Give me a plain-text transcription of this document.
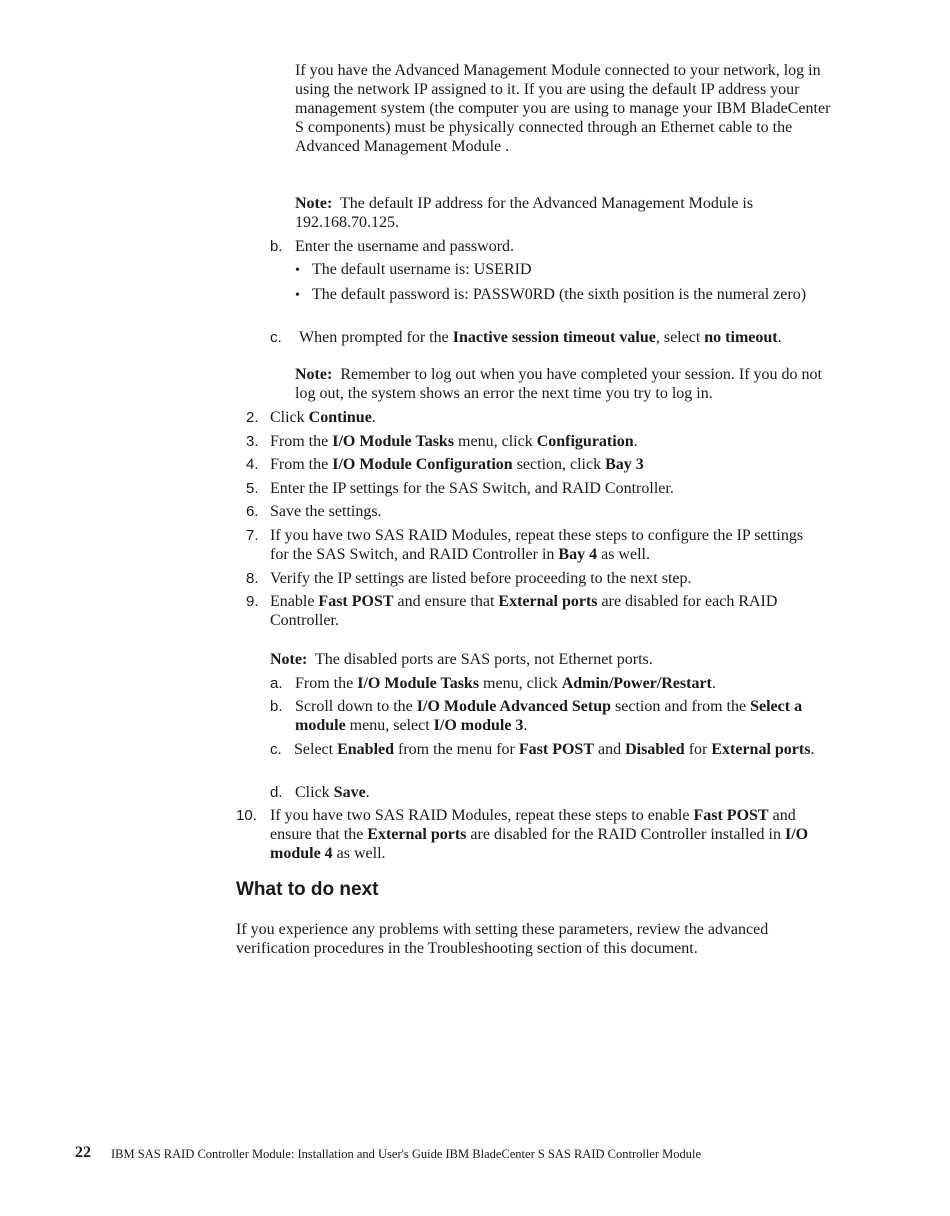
If you have the Advanced Management Module connected to your network, log in using the network IP assigned to it. If you are using the default IP address your management system (the computer you are using to manage your IBM BladeCenter S components) must be physically connected through an Ethernet cable to the Advanced Management Module .
Note: The default IP address for the Advanced Management Module is 192.168.70.125.
b. Enter the username and password.
• The default username is: USERID
• The default password is: PASSW0RD (the sixth position is the numeral zero)
c. When prompted for the Inactive session timeout value, select no timeout.
Note: Remember to log out when you have completed your session. If you do not log out, the system shows an error the next time you try to log in.
2. Click Continue.
3. From the I/O Module Tasks menu, click Configuration.
4. From the I/O Module Configuration section, click Bay 3
5. Enter the IP settings for the SAS Switch, and RAID Controller.
6. Save the settings.
7. If you have two SAS RAID Modules, repeat these steps to configure the IP settings for the SAS Switch, and RAID Controller in Bay 4 as well.
8. Verify the IP settings are listed before proceeding to the next step.
9. Enable Fast POST and ensure that External ports are disabled for each RAID Controller.
Note: The disabled ports are SAS ports, not Ethernet ports.
a. From the I/O Module Tasks menu, click Admin/Power/Restart.
b. Scroll down to the I/O Module Advanced Setup section and from the Select a module menu, select I/O module 3.
c. Select Enabled from the menu for Fast POST and Disabled for External ports.
d. Click Save.
10. If you have two SAS RAID Modules, repeat these steps to enable Fast POST and ensure that the External ports are disabled for the RAID Controller installed in I/O module 4 as well.
What to do next
If you experience any problems with setting these parameters, review the advanced verification procedures in the Troubleshooting section of this document.
22 IBM SAS RAID Controller Module: Installation and User's Guide IBM BladeCenter S SAS RAID Controller Module
